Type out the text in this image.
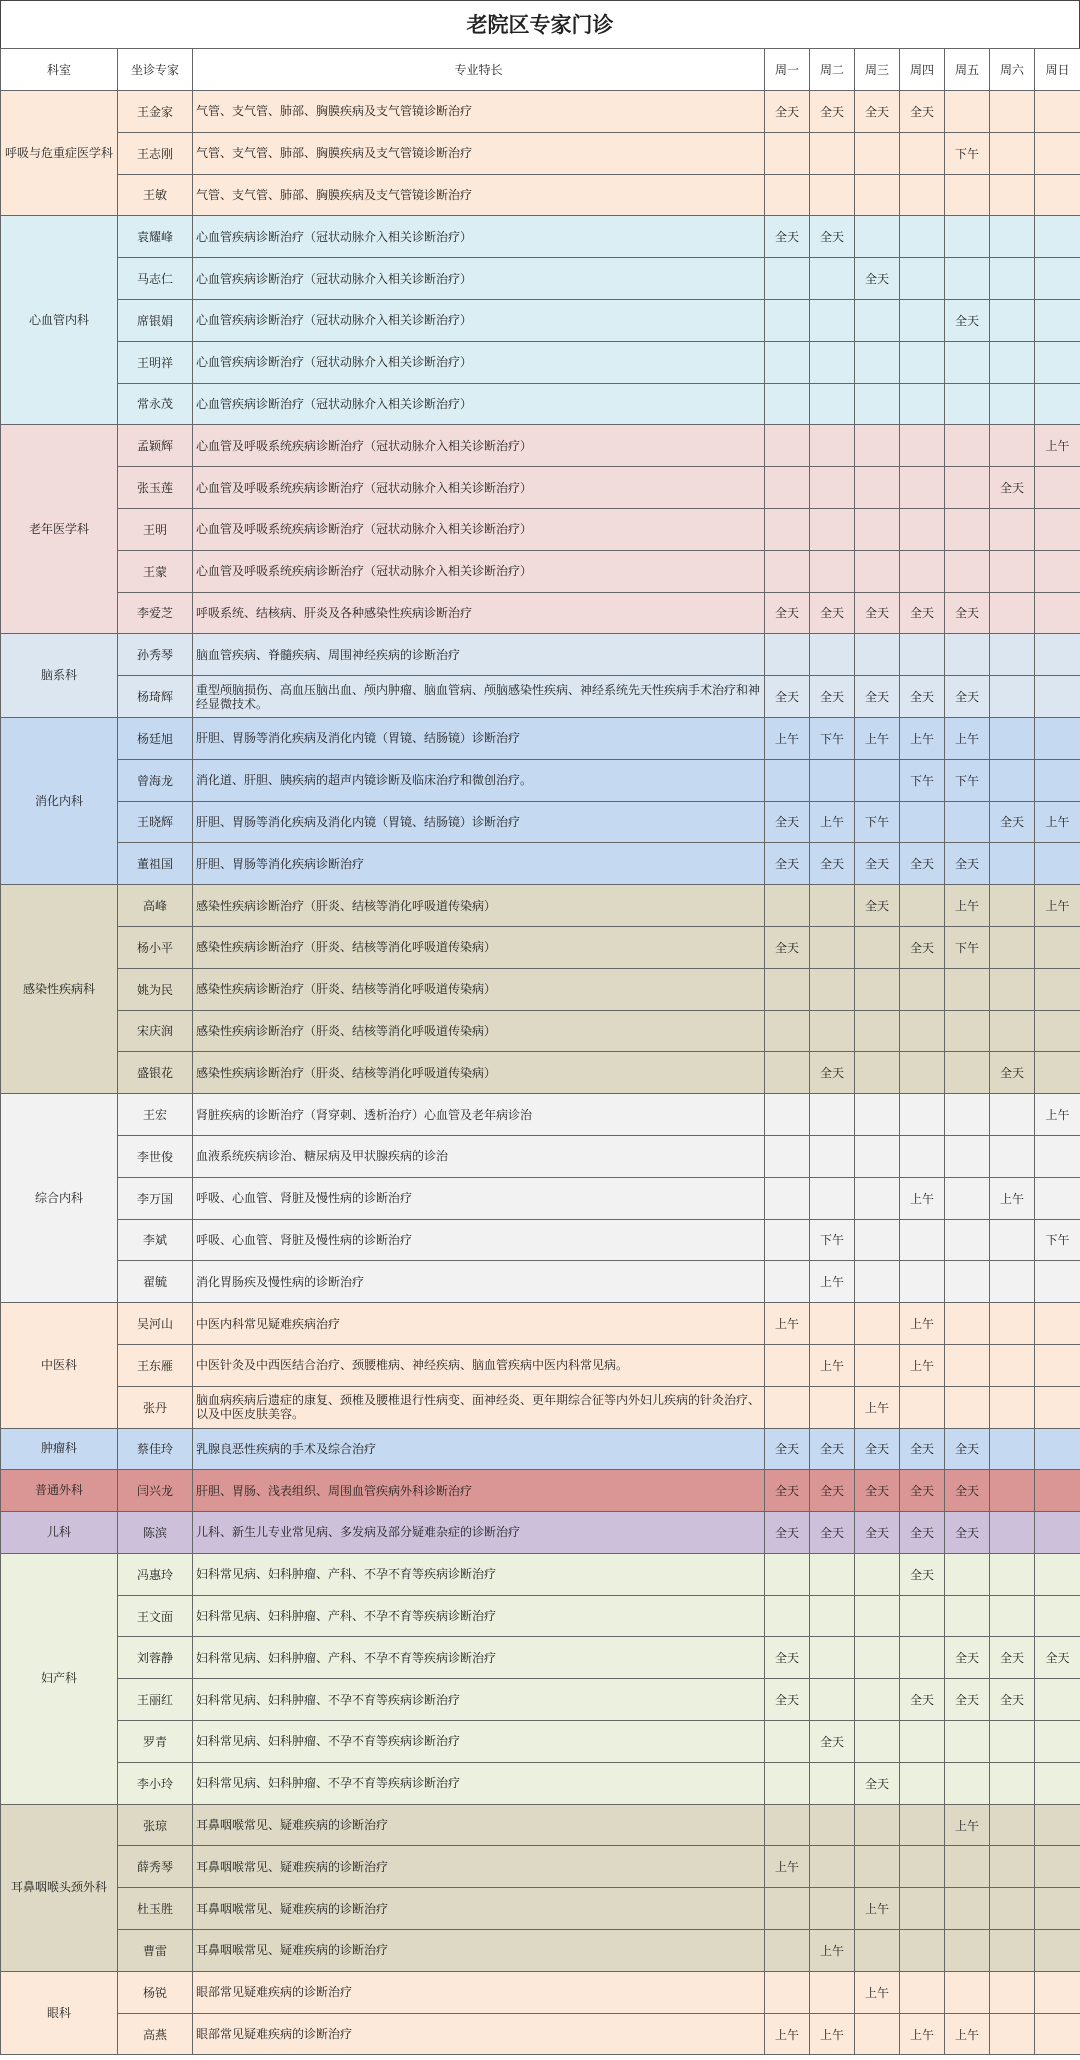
老院区专家门诊
科室	坐诊专家	专业特长	周一	周二	周三	周四	周五	周六	周日
呼吸与危重症医学科	王金家	气管、支气管、肺部、胸膜疾病及支气管镜诊断治疗	全天	全天	全天	全天			
	王志刚	气管、支气管、肺部、胸膜疾病及支气管镜诊断治疗					下午		
	王敏	气管、支气管、肺部、胸膜疾病及支气管镜诊断治疗							
心血管内科	袁耀峰	心血管疾病诊断治疗（冠状动脉介入相关诊断治疗）	全天	全天					
	马志仁	心血管疾病诊断治疗（冠状动脉介入相关诊断治疗）			全天				
	席银娟	心血管疾病诊断治疗（冠状动脉介入相关诊断治疗）					全天		
	王明祥	心血管疾病诊断治疗（冠状动脉介入相关诊断治疗）							
	常永茂	心血管疾病诊断治疗（冠状动脉介入相关诊断治疗）							
老年医学科	孟颖辉	心血管及呼吸系统疾病诊断治疗（冠状动脉介入相关诊断治疗）							上午
	张玉莲	心血管及呼吸系统疾病诊断治疗（冠状动脉介入相关诊断治疗）						全天	
	王明	心血管及呼吸系统疾病诊断治疗（冠状动脉介入相关诊断治疗）							
	王蒙	心血管及呼吸系统疾病诊断治疗（冠状动脉介入相关诊断治疗）							
	李爱芝	呼吸系统、结核病、肝炎及各种感染性疾病诊断治疗	全天	全天	全天	全天	全天		
脑系科	孙秀琴	脑血管疾病、脊髓疾病、周围神经疾病的诊断治疗							
	杨琦辉	重型颅脑损伤、高血压脑出血、颅内肿瘤、脑血管病、颅脑感染性疾病、神经系统先天性疾病手术治疗和神经显微技术。	全天	全天	全天	全天	全天		
消化内科	杨廷旭	肝胆、胃肠等消化疾病及消化内镜（胃镜、结肠镜）诊断治疗	上午	下午	上午	上午	上午		
	曾海龙	消化道、肝胆、胰疾病的超声内镜诊断及临床治疗和微创治疗。				下午	下午		
	王晓辉	肝胆、胃肠等消化疾病及消化内镜（胃镜、结肠镜）诊断治疗	全天	上午	下午			全天	上午
	董祖国	肝胆、胃肠等消化疾病诊断治疗	全天	全天	全天	全天	全天		
感染性疾病科	高峰	感染性疾病诊断治疗（肝炎、结核等消化呼吸道传染病）			全天		上午		上午
	杨小平	感染性疾病诊断治疗（肝炎、结核等消化呼吸道传染病）	全天			全天	下午		
	姚为民	感染性疾病诊断治疗（肝炎、结核等消化呼吸道传染病）							
	宋庆润	感染性疾病诊断治疗（肝炎、结核等消化呼吸道传染病）							
	盛银花	感染性疾病诊断治疗（肝炎、结核等消化呼吸道传染病）		全天				全天	
综合内科	王宏	肾脏疾病的诊断治疗（肾穿刺、透析治疗）心血管及老年病诊治							上午
	李世俊	血液系统疾病诊治、糖尿病及甲状腺疾病的诊治							
	李万国	呼吸、心血管、肾脏及慢性病的诊断治疗				上午		上午	
	李斌	呼吸、心血管、肾脏及慢性病的诊断治疗		下午					下午
	翟毓	消化胃肠疾及慢性病的诊断治疗		上午					
中医科	吴河山	中医内科常见疑难疾病治疗	上午			上午			
	王东雁	中医针灸及中西医结合治疗、颈腰椎病、神经疾病、脑血管疾病中医内科常见病。		上午		上午			
	张丹	脑血病疾病后遗症的康复、颈椎及腰椎退行性病变、面神经炎、更年期综合征等内外妇儿疾病的针灸治疗、以及中医皮肤美容。			上午				
肿瘤科	蔡佳玲	乳腺良恶性疾病的手术及综合治疗	全天	全天	全天	全天	全天		
普通外科	闫兴龙	肝胆、胃肠、浅表组织、周围血管疾病外科诊断治疗	全天	全天	全天	全天	全天		
儿科	陈滨	儿科、新生儿专业常见病、多发病及部分疑难杂症的诊断治疗	全天	全天	全天	全天	全天		
妇产科	冯惠玲	妇科常见病、妇科肿瘤、产科、不孕不育等疾病诊断治疗				全天			
	王文面	妇科常见病、妇科肿瘤、产科、不孕不育等疾病诊断治疗							
	刘蓉静	妇科常见病、妇科肿瘤、产科、不孕不育等疾病诊断治疗	全天				全天	全天	全天
	王丽红	妇科常见病、妇科肿瘤、不孕不育等疾病诊断治疗	全天			全天	全天	全天	
	罗青	妇科常见病、妇科肿瘤、不孕不育等疾病诊断治疗		全天					
	李小玲	妇科常见病、妇科肿瘤、不孕不育等疾病诊断治疗			全天				
耳鼻咽喉头颈外科	张琼	耳鼻咽喉常见、疑难疾病的诊断治疗					上午		
	薛秀琴	耳鼻咽喉常见、疑难疾病的诊断治疗	上午						
	杜玉胜	耳鼻咽喉常见、疑难疾病的诊断治疗			上午				
	曹雷	耳鼻咽喉常见、疑难疾病的诊断治疗		上午					
眼科	杨锐	眼部常见疑难疾病的诊断治疗			上午				
	高燕	眼部常见疑难疾病的诊断治疗	上午	上午		上午	上午		
